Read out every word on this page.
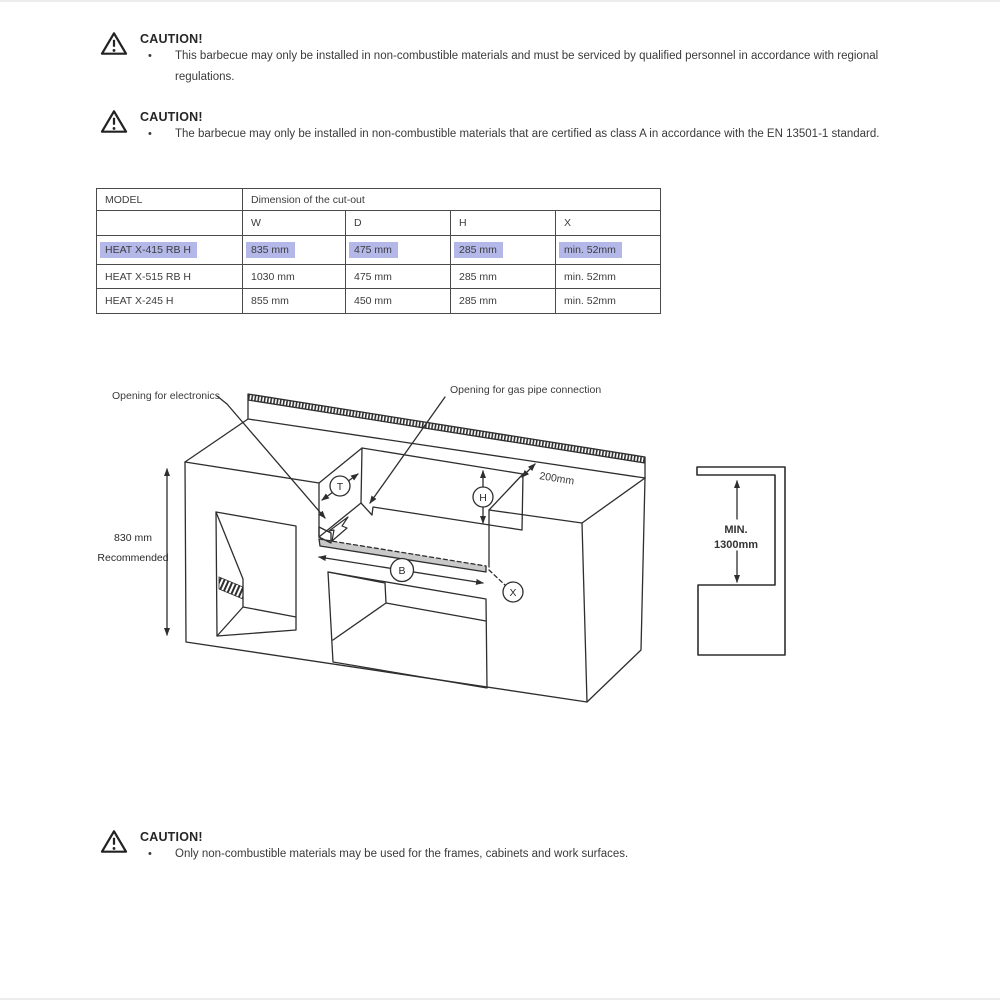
CAUTION!
• This barbecue may only be installed in non-combustible materials and must be serviced by qualified personnel in accordance with regional regulations.
CAUTION!
• The barbecue may only be installed in non-combustible materials that are certified as class A in accordance with the EN 13501-1 standard.
MODEL	Dimension of the cut-out			
	W	D	H	X
HEAT X-415 RB H	835 mm	475 mm	285 mm	min. 52mm
HEAT X-515 RB H	1030 mm	475 mm	285 mm	min. 52mm
HEAT X-245 H	855 mm	450 mm	285 mm	min. 52mm
Opening for electronics	Opening for gas pipe connection
830 mm
Recommended
200mm
T
H
B
X
MIN.
1300mm
CAUTION!
• Only non-combustible materials may be used for the frames, cabinets and work surfaces.
